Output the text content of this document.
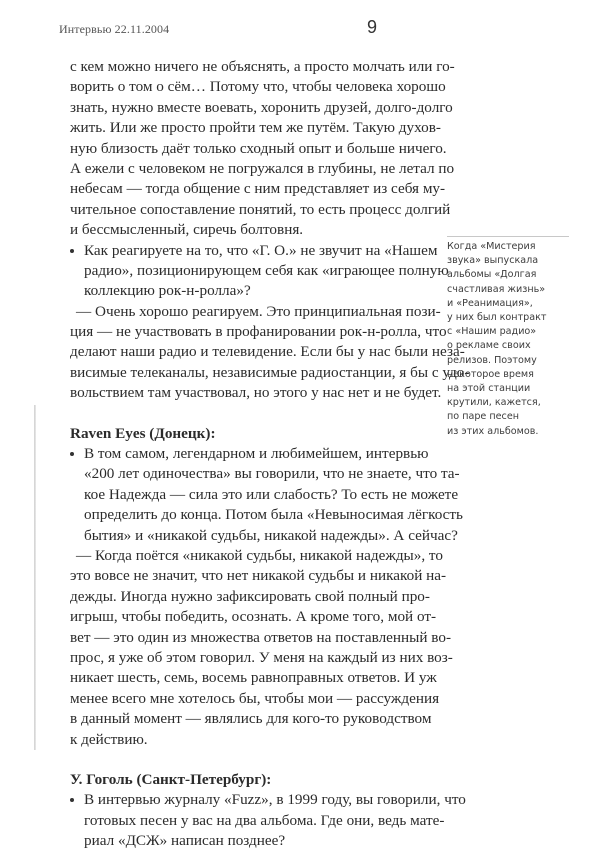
Интервью 22.11.2004	9
с кем можно ничего не объяснять, а просто молчать или го-
ворить о том о сём… Потому что, чтобы человека хорошо
знать, нужно вместе воевать, хоронить друзей, долго-долго
жить. Или же просто пройти тем же путём. Такую духов-
ную близость даёт только сходный опыт и больше ничего.
А ежели с человеком не погружался в глубины, не летал по
небесам — тогда общение с ним представляет из себя му-
чительное сопоставление понятий, то есть процесс долгий
и бессмысленный, сиречь болтовня.
Как реагируете на то, что «Г. О.» не звучит на «Нашем
радио», позиционирующем себя как «играющее полную
коллекцию рок-н-ролла»?
— Очень хорошо реагируем. Это принципиальная пози-
ция — не участвовать в профанировании рок-н-ролла, что
делают наши радио и телевидение. Если бы у нас были неза-
висимые телеканалы, независимые радиостанции, я бы с удо-
вольствием там участвовал, но этого у нас нет и не будет.
Raven Eyes (Донецк):
В том самом, легендарном и любимейшем, интервью
«200 лет одиночества» вы говорили, что не знаете, что та-
кое Надежда — сила это или слабость? То есть не можете
определить до конца. Потом была «Невыносимая лёгкость
бытия» и «никакой судьбы, никакой надежды». А сейчас?
— Когда поётся «никакой судьбы, никакой надежды», то
это вовсе не значит, что нет никакой судьбы и никакой на-
дежды. Иногда нужно зафиксировать свой полный про-
игрыш, чтобы победить, осознать. А кроме того, мой от-
вет — это один из множества ответов на поставленный во-
прос, я уже об этом говорил. У меня на каждый из них воз-
никает шесть, семь, восемь равноправных ответов. И уж
менее всего мне хотелось бы, чтобы мои — рассуждения
в данный момент — являлись для кого-то руководством
к действию.
У. Гоголь (Санкт-Петербург):
В интервью журналу «Fuzz», в 1999 году, вы говорили, что
готовых песен у вас на два альбома. Где они, ведь мате-
риал «ДСЖ» написан позднее?
Когда «Мистерия
звука» выпускала
альбомы «Долгая
счастливая жизнь»
и «Реанимация»,
у них был контракт
с «Нашим радио»
о рекламе своих
релизов. Поэтому
некоторое время
на этой станции
крутили, кажется,
по паре песен
из этих альбомов.
